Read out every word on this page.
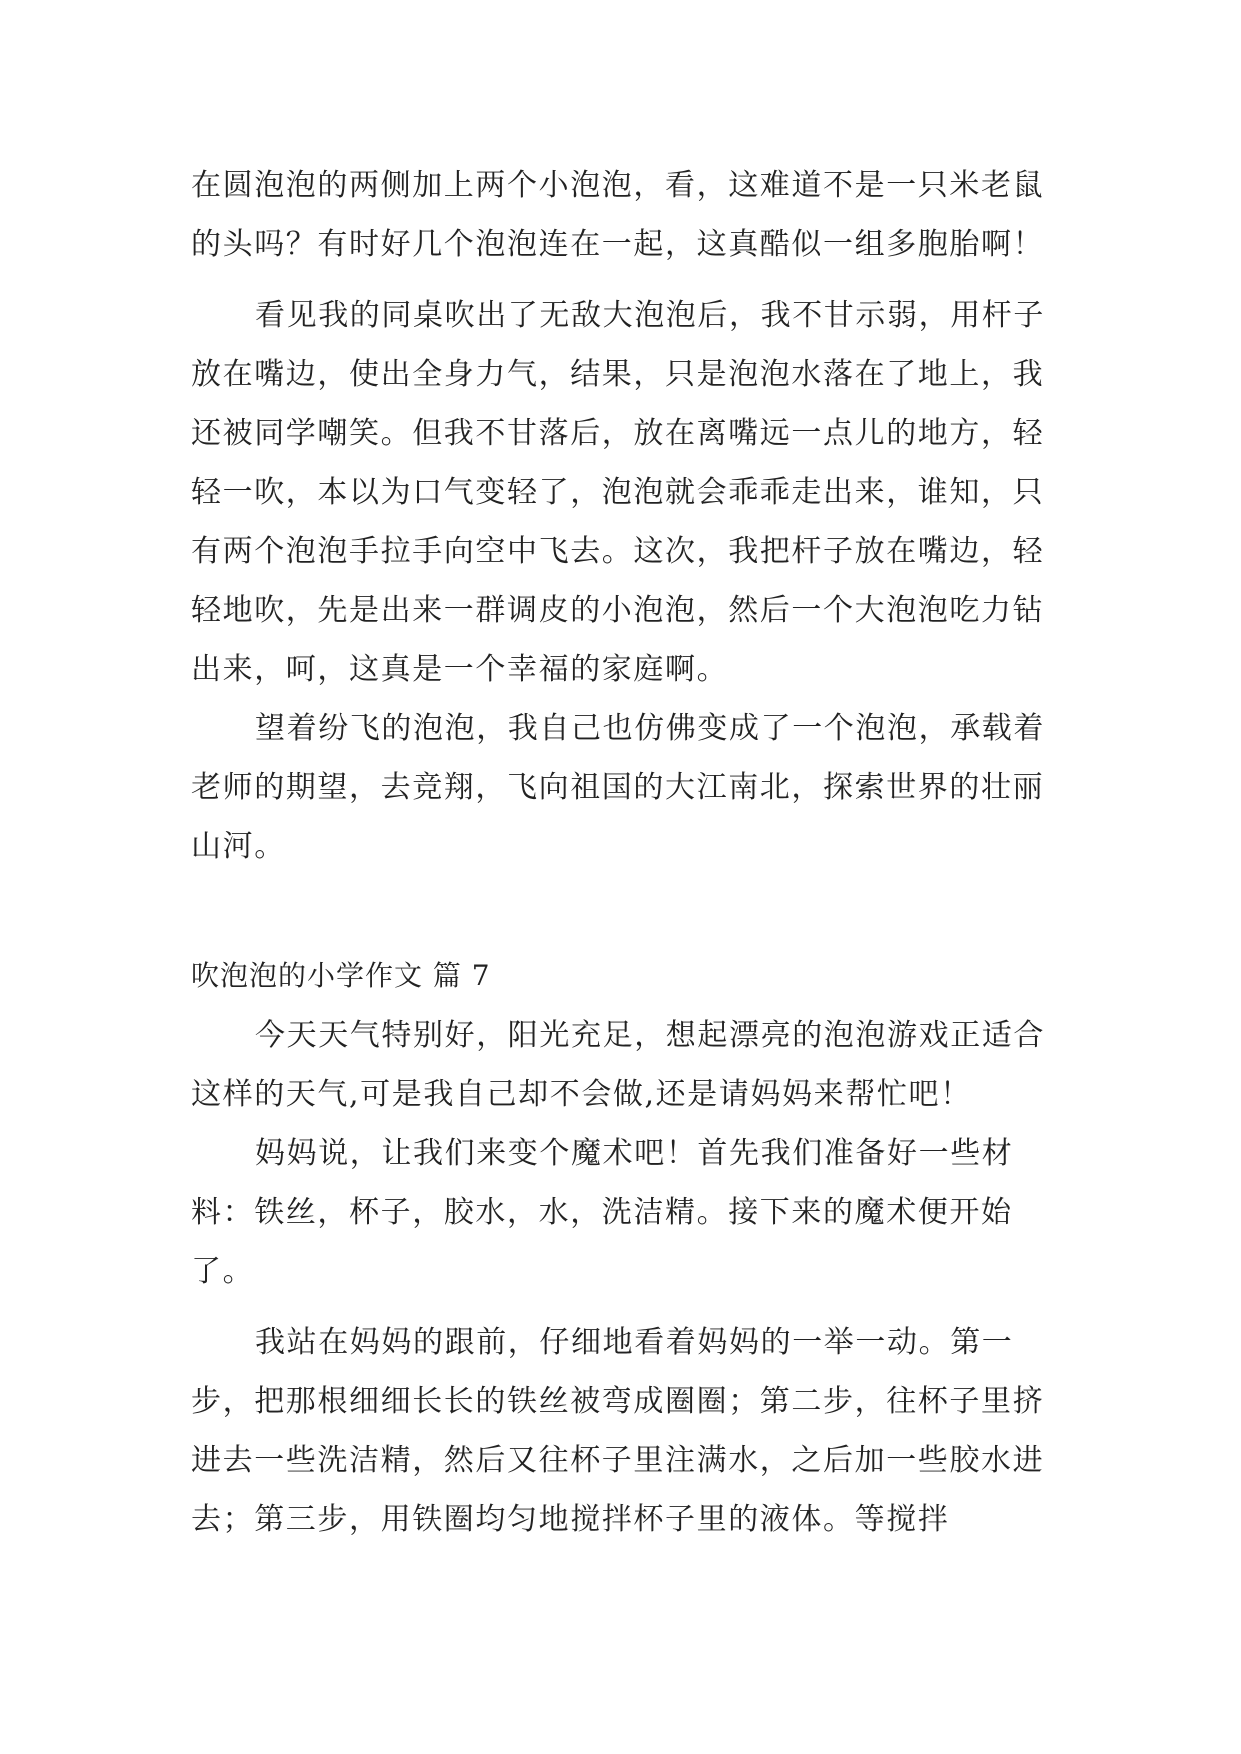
在圆泡泡的两侧加上两个小泡泡，看，这难道不是一只米老鼠的头吗？有时好几个泡泡连在一起，这真酷似一组多胞胎啊！

看见我的同桌吹出了无敌大泡泡后，我不甘示弱，用杆子放在嘴边，使出全身力气，结果，只是泡泡水落在了地上，我还被同学嘲笑。但我不甘落后，放在离嘴远一点儿的地方，轻轻一吹，本以为口气变轻了，泡泡就会乖乖走出来，谁知，只有两个泡泡手拉手向空中飞去。这次，我把杆子放在嘴边，轻轻地吹，先是出来一群调皮的小泡泡，然后一个大泡泡吃力钻出来，呵，这真是一个幸福的家庭啊。

望着纷飞的泡泡，我自己也仿佛变成了一个泡泡，承载着老师的期望，去竞翔，飞向祖国的大江南北，探索世界的壮丽山河。

吹泡泡的小学作文 篇 7

今天天气特别好，阳光充足，想起漂亮的泡泡游戏正适合这样的天气,可是我自己却不会做,还是请妈妈来帮忙吧！

妈妈说，让我们来变个魔术吧！首先我们准备好一些材料：铁丝，杯子，胶水，水，洗洁精。接下来的魔术便开始了。

我站在妈妈的跟前，仔细地看着妈妈的一举一动。第一步，把那根细细长长的铁丝被弯成圈圈；第二步，往杯子里挤进去一些洗洁精，然后又往杯子里注满水，之后加一些胶水进去；第三步，用铁圈均匀地搅拌杯子里的液体。等搅拌
